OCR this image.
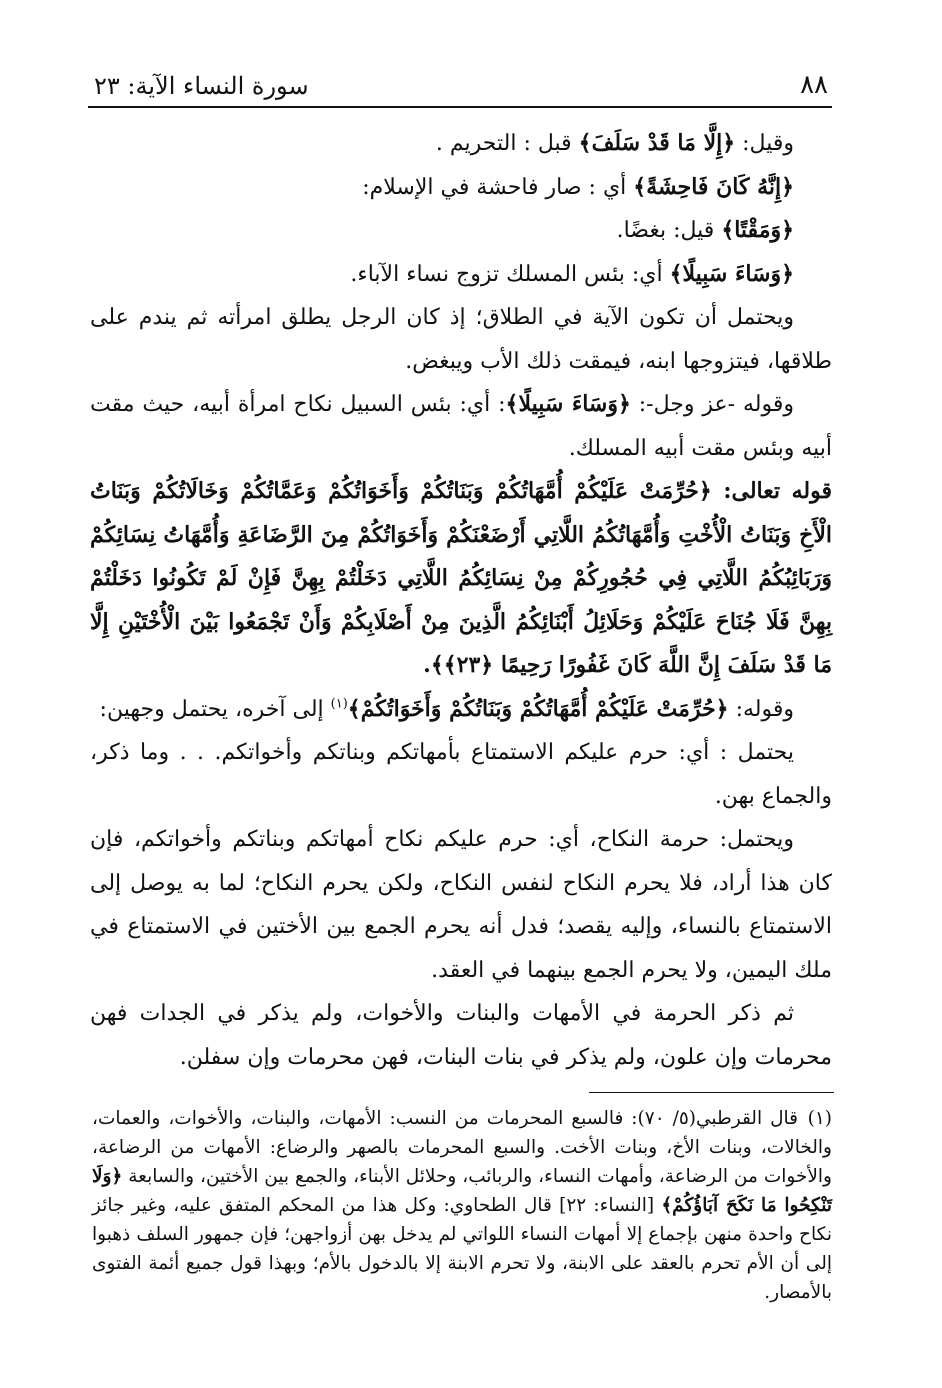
٨٨
سورة النساء الآية: ٢٣

وقيل: ﴿إِلَّا مَا قَدْ سَلَفَ﴾ قبل : التحريم .

﴿إِنَّهُ كَانَ فَاحِشَةً﴾ أي : صار فاحشة في الإسلام:

﴿وَمَقْتًا﴾ قيل: بغضًا.

﴿وَسَاءَ سَبِيلًا﴾ أي: بئس المسلك تزوج نساء الآباء.

ويحتمل أن تكون الآية في الطلاق؛ إذ كان الرجل يطلق امرأته ثم يندم على طلاقها، فيتزوجها ابنه، فيمقت ذلك الأب ويبغض.

وقوله -عز وجل-: ﴿وَسَاءَ سَبِيلًا﴾: أي: بئس السبيل نكاح امرأة أبيه، حيث مقت أبيه وبئس مقت أبيه المسلك.

قوله تعالى: ﴿حُرِّمَتْ عَلَيْكُمْ أُمَّهَاتُكُمْ وَبَنَاتُكُمْ وَأَخَوَاتُكُمْ وَعَمَّاتُكُمْ وَخَالَاتُكُمْ وَبَنَاتُ الْأَخِ وَبَنَاتُ الْأُخْتِ وَأُمَّهَاتُكُمُ اللَّاتِي أَرْضَعْنَكُمْ وَأَخَوَاتُكُمْ مِنَ الرَّضَاعَةِ وَأُمَّهَاتُ نِسَائِكُمْ وَرَبَائِبُكُمُ اللَّاتِي فِي حُجُورِكُمْ مِنْ نِسَائِكُمُ اللَّاتِي دَخَلْتُمْ بِهِنَّ فَإِنْ لَمْ تَكُونُوا دَخَلْتُمْ بِهِنَّ فَلَا جُنَاحَ عَلَيْكُمْ وَحَلَائِلُ أَبْنَائِكُمُ الَّذِينَ مِنْ أَصْلَابِكُمْ وَأَنْ تَجْمَعُوا بَيْنَ الْأُخْتَيْنِ إِلَّا مَا قَدْ سَلَفَ إِنَّ اللَّهَ كَانَ غَفُورًا رَحِيمًا ﴿٢٣﴾﴾.

وقوله: ﴿حُرِّمَتْ عَلَيْكُمْ أُمَّهَاتُكُمْ وَبَنَاتُكُمْ وَأَخَوَاتُكُمْ﴾$^{(١)}$ إلى آخره، يحتمل وجهين:

يحتمل : أي: حرم عليكم الاستمتاع بأمهاتكم وبناتكم وأخواتكم. . . وما ذكر، والجماع بهن.

ويحتمل: حرمة النكاح، أي: حرم عليكم نكاح أمهاتكم وبناتكم وأخواتكم، فإن كان هذا أراد، فلا يحرم النكاح لنفس النكاح، ولكن يحرم النكاح؛ لما به يوصل إلى الاستمتاع بالنساء، وإليه يقصد؛ فدل أنه يحرم الجمع بين الأختين في الاستمتاع في ملك اليمين، ولا يحرم الجمع بينهما في العقد.

ثم ذكر الحرمة في الأمهات والبنات والأخوات، ولم يذكر في الجدات فهن محرمات وإن علون، ولم يذكر في بنات البنات، فهن محرمات وإن سفلن.

(١)قال القرطبي(٥/ ٧٠): فالسبع المحرمات من النسب: الأمهات، والبنات، والأخوات، والعمات، والخالات، وبنات الأخ، وبنات الأخت. والسبع المحرمات بالصهر والرضاع: الأمهات من الرضاعة، والأخوات من الرضاعة، وأمهات النساء، والربائب، وحلائل الأبناء، والجمع بين الأختين، والسابعة ﴿وَلَا تَنْكِحُوا مَا نَكَحَ آبَاؤُكُمْ﴾ [النساء: ٢٢] قال الطحاوي: وكل هذا من المحكم المتفق عليه، وغير جائز نكاح واحدة منهن بإجماع إلا أمهات النساء اللواتي لم يدخل بهن أزواجهن؛ فإن جمهور السلف ذهبوا إلى أن الأم تحرم بالعقد على الابنة، ولا تحرم الابنة إلا بالدخول بالأم؛ وبهذا قول جميع أئمة الفتوى بالأمصار.
